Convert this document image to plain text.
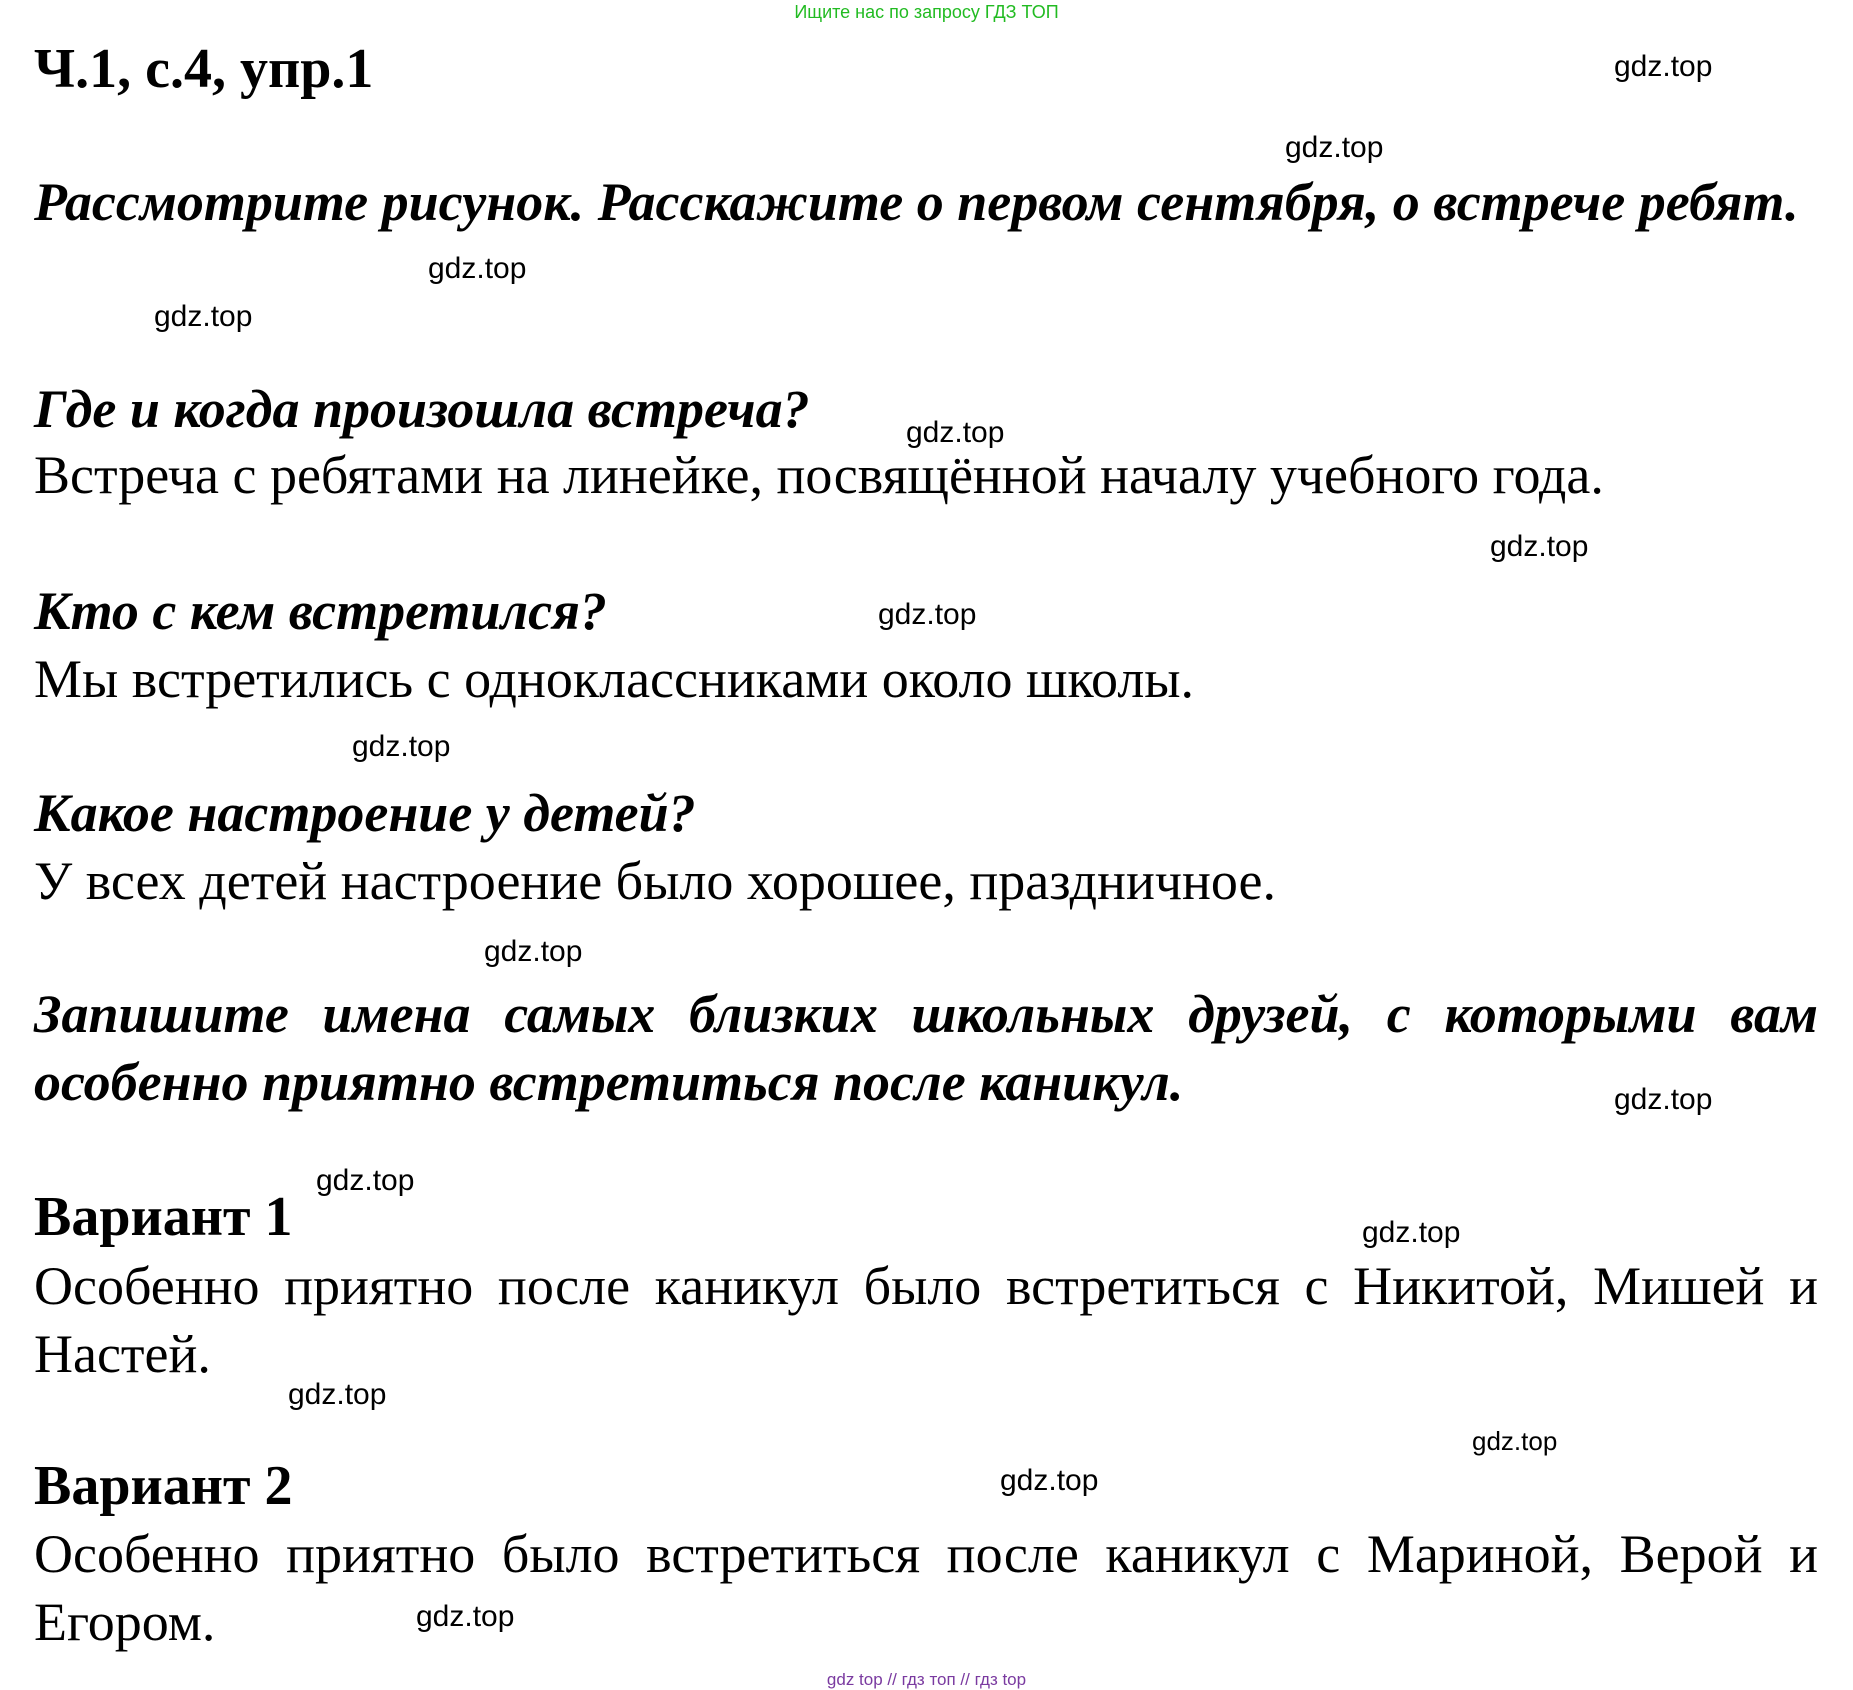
Ищите нас по запросу ГДЗ ТОП
Ч.1, с.4, упр.1
Рассмотрите рисунок. Расскажите о первом сентября, о встрече ребят.
Где и когда произошла встреча?
Встреча с ребятами на линейке, посвящённой началу учебного года.
Кто с кем встретился?
Мы встретились с одноклассниками около школы.
Какое настроение у детей?
У всех детей настроение было хорошее, праздничное.
Запишите имена самых близких школьных друзей, с которыми вам особенно приятно встретиться после каникул.
Вариант 1
Особенно приятно после каникул было встретиться с Никитой, Мишей и Настей.
Вариант 2
Особенно приятно было встретиться после каникул с Мариной, Верой и Егором.
gdz.top
gdz.top
gdz.top
gdz.top
gdz.top
gdz.top
gdz.top
gdz.top
gdz.top
gdz.top
gdz.top
gdz.top
gdz.top
gdz.top
gdz.top
gdz.top
gdz top // гдз топ // гдз top
